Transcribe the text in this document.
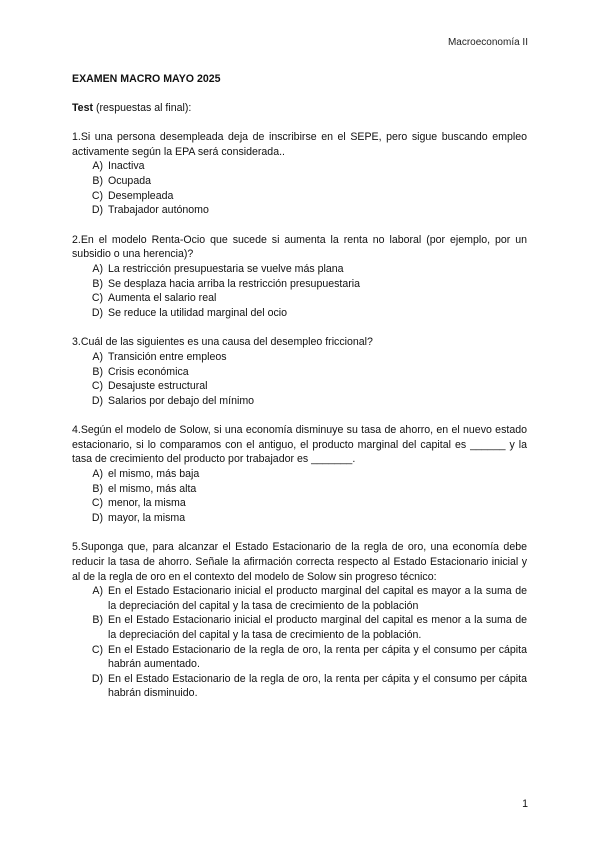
Macroeconomía II
EXAMEN MACRO MAYO 2025
Test (respuestas al final):

1.Si una persona desempleada deja de inscribirse en el SEPE, pero sigue buscando empleo activamente según la EPA será considerada..

A) Inactiva
B) Ocupada
C) Desempleada
D) Trabajador autónomo

2.En el modelo Renta-Ocio que sucede si aumenta la renta no laboral (por ejemplo, por un subsidio o una herencia)?

A) La restricción presupuestaria se vuelve más plana
B) Se desplaza hacia arriba la restricción presupuestaria
C) Aumenta el salario real
D) Se reduce la utilidad marginal del ocio

3.Cuál de las siguientes es una causa del desempleo friccional?

A) Transición entre empleos
B) Crisis económica
C) Desajuste estructural
D) Salarios por debajo del mínimo

4.Según el modelo de Solow, si una economía disminuye su tasa de ahorro, en el nuevo estado estacionario, si lo comparamos con el antiguo, el producto marginal del capital es ______ y la tasa de crecimiento del producto por trabajador es _______.

A) el mismo, más baja
B) el mismo, más alta
C) menor, la misma
D) mayor, la misma

5.Suponga que, para alcanzar el Estado Estacionario de la regla de oro, una economía debe reducir la tasa de ahorro. Señale la afirmación correcta respecto al Estado Estacionario inicial y al de la regla de oro en el contexto del modelo de Solow sin progreso técnico:

A) En el Estado Estacionario inicial el producto marginal del capital es mayor a la suma de la depreciación del capital y la tasa de crecimiento de la población
B) En el Estado Estacionario inicial el producto marginal del capital es menor a la suma de la depreciación del capital y la tasa de crecimiento de la población.
C) En el Estado Estacionario de la regla de oro, la renta per cápita y el consumo per cápita habrán aumentado.
D) En el Estado Estacionario de la regla de oro, la renta per cápita y el consumo per cápita habrán disminuido.
1
